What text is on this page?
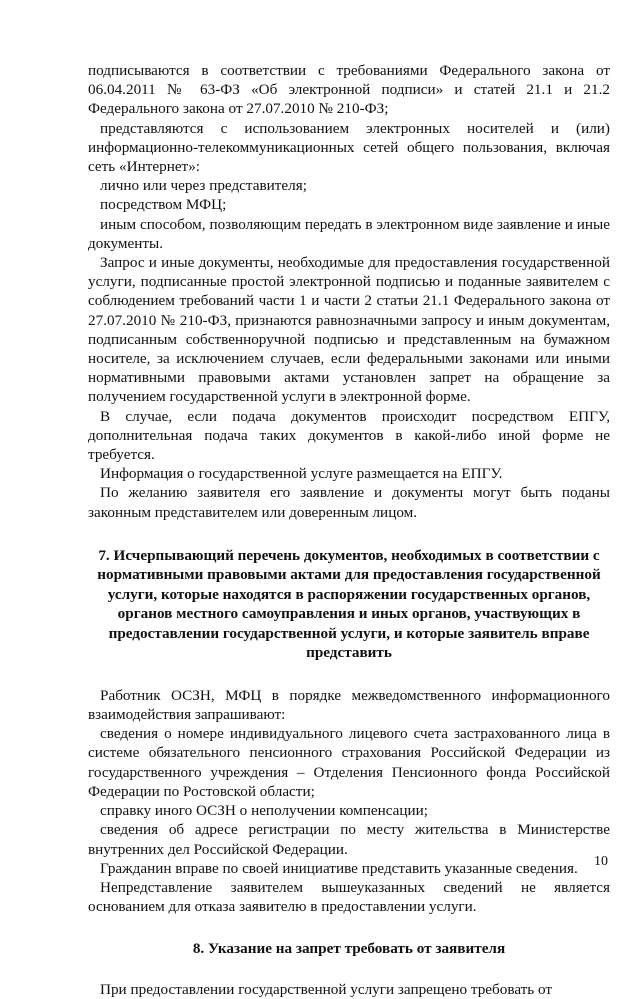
подписываются в соответствии с требованиями Федерального закона от 06.04.2011 № 63-ФЗ «Об электронной подписи» и статей 21.1 и 21.2 Федерального закона от 27.07.2010 № 210-ФЗ;

представляются с использованием электронных носителей и (или) информационно-телекоммуникационных сетей общего пользования, включая сеть «Интернет»:

лично или через представителя;

посредством МФЦ;

иным способом, позволяющим передать в электронном виде заявление и иные документы.

Запрос и иные документы, необходимые для предоставления государственной услуги, подписанные простой электронной подписью и поданные заявителем с соблюдением требований части 1 и части 2 статьи 21.1 Федерального закона от 27.07.2010 № 210-ФЗ, признаются равнозначными запросу и иным документам, подписанным собственноручной подписью и представленным на бумажном носителе, за исключением случаев, если федеральными законами или иными нормативными правовыми актами установлен запрет на обращение за получением государственной услуги в электронной форме.

В случае, если подача документов происходит посредством ЕПГУ, дополнительная подача таких документов в какой-либо иной форме не требуется.

Информация о государственной услуге размещается на ЕПГУ.

По желанию заявителя его заявление и документы могут быть поданы законным представителем или доверенным лицом.

7. Исчерпывающий перечень документов, необходимых в соответствии с нормативными правовыми актами для предоставления государственной услуги, которые находятся в распоряжении государственных органов, органов местного самоуправления и иных органов, участвующих в предоставлении государственной услуги, и которые заявитель вправе представить

Работник ОСЗН, МФЦ в порядке межведомственного информационного взаимодействия запрашивают:

сведения о номере индивидуального лицевого счета застрахованного лица в системе обязательного пенсионного страхования Российской Федерации из государственного учреждения – Отделения Пенсионного фонда Российской Федерации по Ростовской области;

справку иного ОСЗН о неполучении компенсации;

сведения об адресе регистрации по месту жительства в Министерстве внутренних дел Российской Федерации.

Гражданин вправе по своей инициативе представить указанные сведения.

Непредставление заявителем вышеуказанных сведений не является основанием для отказа заявителю в предоставлении услуги.

8. Указание на запрет требовать от заявителя

При предоставлении государственной услуги запрещено требовать от

10
